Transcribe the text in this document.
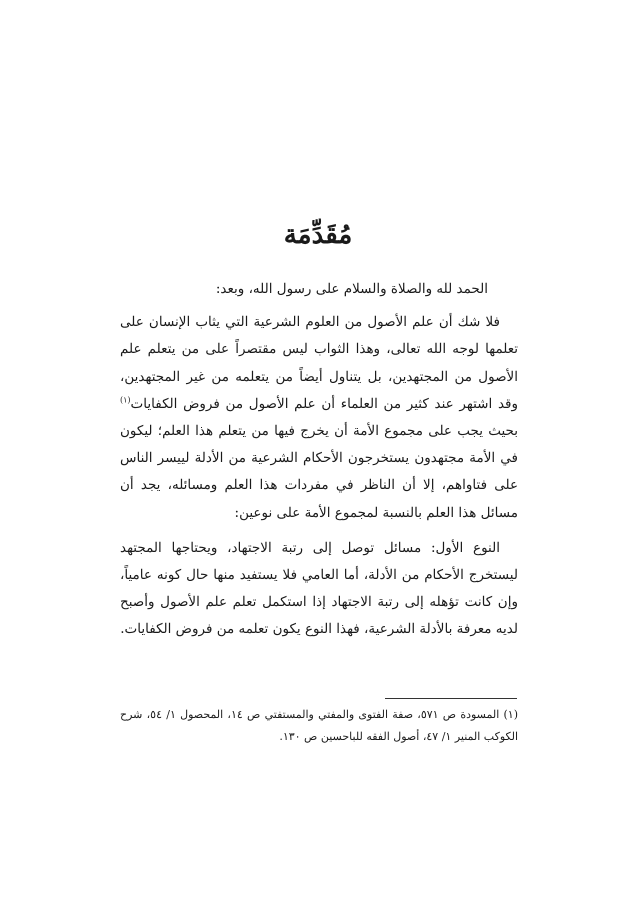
مُقَدِّمَة

الحمد لله والصلاة والسلام على رسول الله، وبعد:

فلا شك أن علم الأصول من العلوم الشرعية التي يثاب الإنسان على تعلمها لوجه الله تعالى، وهذا الثواب ليس مقتصراً على من يتعلم علم الأصول من المجتهدين، بل يتناول أيضاً من يتعلمه من غير المجتهدين، وقد اشتهر عند كثير من العلماء أن علم الأصول من فروض الكفايات$^{(١)}$ بحيث يجب على مجموع الأمة أن يخرج فيها من يتعلم هذا العلم؛ ليكون في الأمة مجتهدون يستخرجون الأحكام الشرعية من الأدلة لييسر الناس على فتاواهم، إلا أن الناظر في مفردات هذا العلم ومسائله، يجد أن مسائل هذا العلم بالنسبة لمجموع الأمة على نوعين:

النوع الأول: مسائل توصل إلى رتبة الاجتهاد، ويحتاجها المجتهد ليستخرج الأحكام من الأدلة، أما العامي فلا يستفيد منها حال كونه عامياً، وإن كانت تؤهله إلى رتبة الاجتهاد إذا استكمل تعلم علم الأصول وأصبح لديه معرفة بالأدلة الشرعية، فهذا النوع يكون تعلمه من فروض الكفايات.

(١) المسودة ص ٥٧١، صفة الفتوى والمفتي والمستفتي ص ١٤، المحصول ١/ ٥٤، شرح الكوكب المنير ١/ ٤٧، أصول الفقه للباحسين ص ١٣٠.
